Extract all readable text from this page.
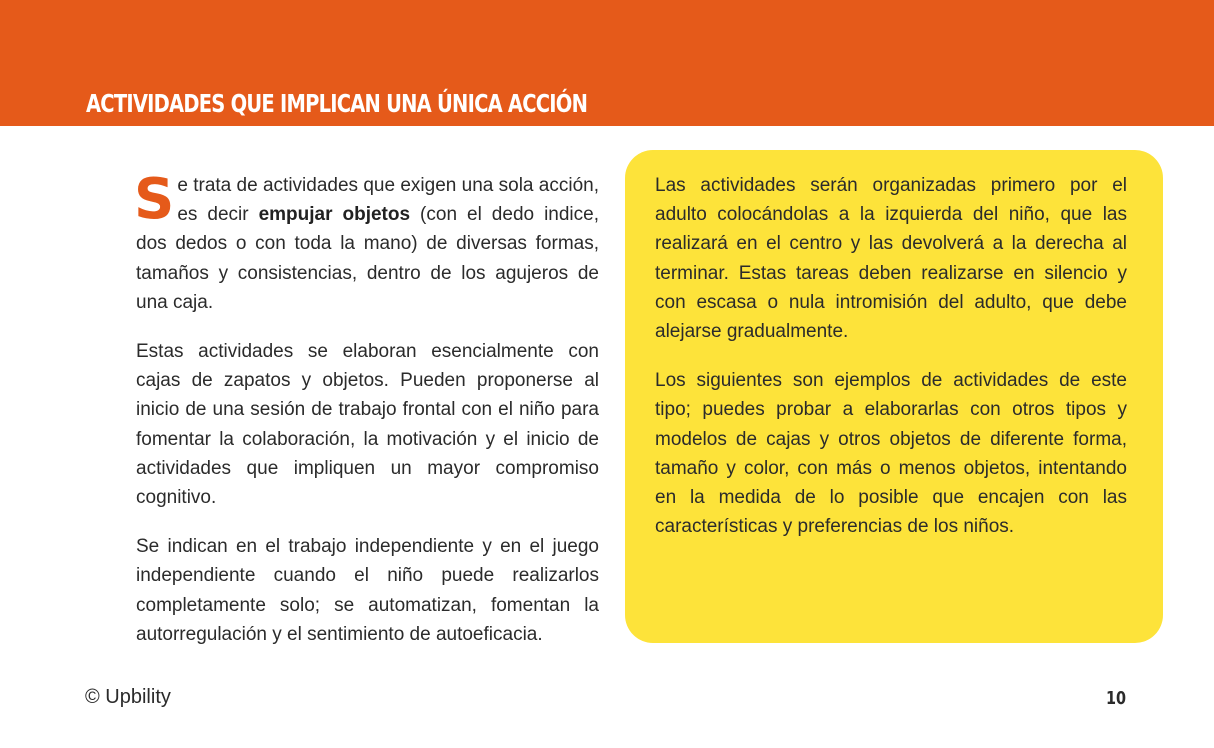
ACTIVIDADES QUE IMPLICAN UNA ÚNICA ACCIÓN

Se trata de actividades que exigen una sola acción, es decir empujar objetos (con el dedo indice, dos dedos o con toda la mano) de diversas formas, tamaños y consistencias, dentro de los agujeros de una caja.

Estas actividades se elaboran esencialmente con cajas de zapatos y objetos. Pueden proponerse al inicio de una sesión de trabajo frontal con el niño para fomentar la colaboración, la motivación y el inicio de actividades que impliquen un mayor compromiso cognitivo.

Se indican en el trabajo independiente y en el juego independiente cuando el niño puede realizarlos completamente solo; se automatizan, fomentan la autorregulación y el sentimiento de autoeficacia.

Las actividades serán organizadas primero por el adulto colocándolas a la izquierda del niño, que las realizará en el centro y las devolverá a la derecha al terminar. Estas tareas deben realizarse en silencio y con escasa o nula intromisión del adulto, que debe alejarse gradualmente.

Los siguientes son ejemplos de actividades de este tipo; puedes probar a elaborarlas con otros tipos y modelos de cajas y otros objetos de diferente forma, tamaño y color, con más o menos objetos, intentando en la medida de lo posible que encajen con las características y preferencias de los niños.

© Upbility	10
